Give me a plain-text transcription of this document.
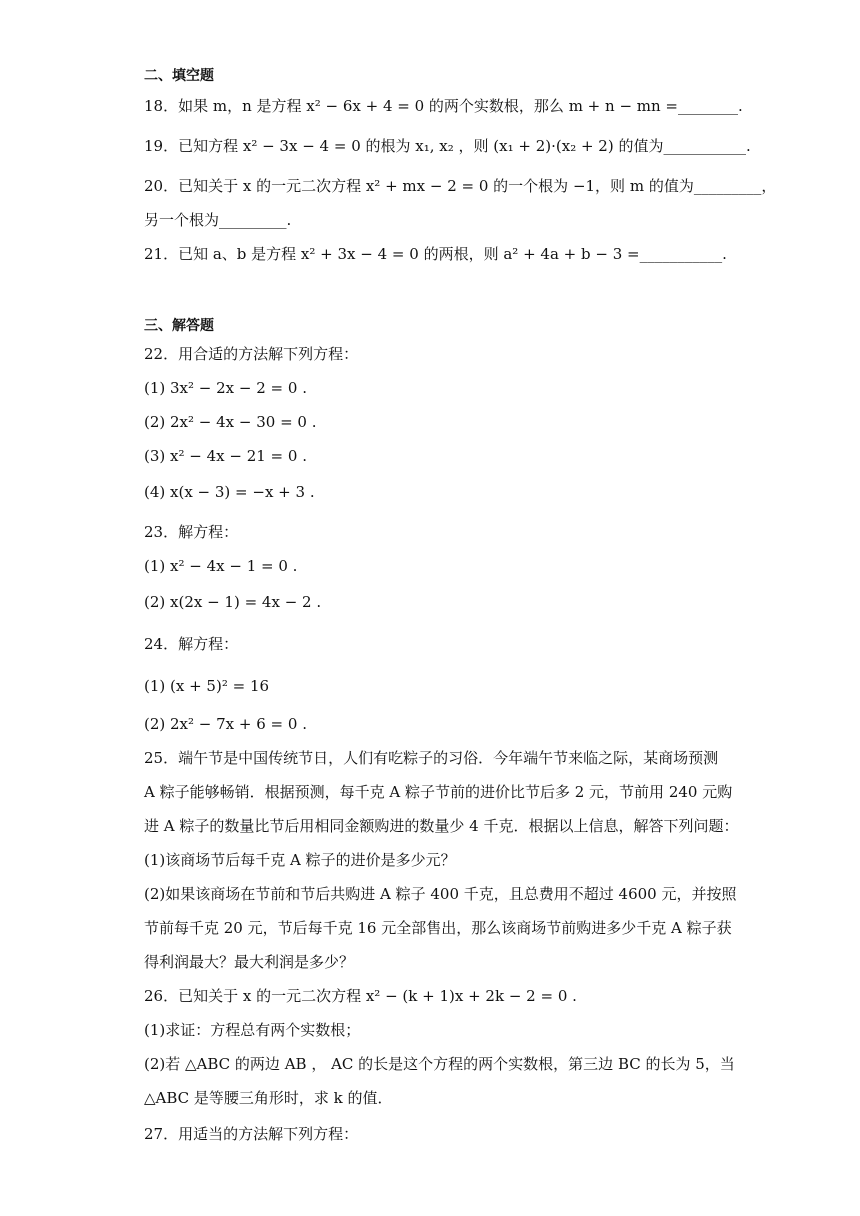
二、填空题
18．如果 m，n 是方程 x² − 6x + 4 = 0 的两个实数根，那么 m + n − mn =________.
19．已知方程 x² − 3x − 4 = 0 的根为 x₁, x₂ ，则 (x₁ + 2)·(x₂ + 2) 的值为___________.
20．已知关于 x 的一元二次方程 x² + mx − 2 = 0 的一个根为 −1，则 m 的值为_________，
另一个根为_________.
21．已知 a、b 是方程 x² + 3x − 4 = 0 的两根，则 a² + 4a + b − 3 =___________.
三、解答题
22．用合适的方法解下列方程：
(1) 3x² − 2x − 2 = 0 .
(2) 2x² − 4x − 30 = 0 .
(3) x² − 4x − 21 = 0 .
(4) x(x − 3) = −x + 3 .
23．解方程：
(1) x² − 4x − 1 = 0 .
(2) x(2x − 1) = 4x − 2 .
24．解方程：
(1) (x + 5)² = 16
(2) 2x² − 7x + 6 = 0 .
25．端午节是中国传统节日，人们有吃粽子的习俗．今年端午节来临之际，某商场预测
A 粽子能够畅销．根据预测，每千克 A 粽子节前的进价比节后多 2 元，节前用 240 元购
进 A 粽子的数量比节后用相同金额购进的数量少 4 千克．根据以上信息，解答下列问题：
(1)该商场节后每千克 A 粽子的进价是多少元？
(2)如果该商场在节前和节后共购进 A 粽子 400 千克，且总费用不超过 4600 元，并按照
节前每千克 20 元，节后每千克 16 元全部售出，那么该商场节前购进多少千克 A 粽子获
得利润最大？最大利润是多少？
26．已知关于 x 的一元二次方程 x² − (k + 1)x + 2k − 2 = 0 .
(1)求证：方程总有两个实数根；
(2)若 △ABC 的两边 AB ， AC 的长是这个方程的两个实数根，第三边 BC 的长为 5，当
△ABC 是等腰三角形时，求 k 的值．
27．用适当的方法解下列方程：
